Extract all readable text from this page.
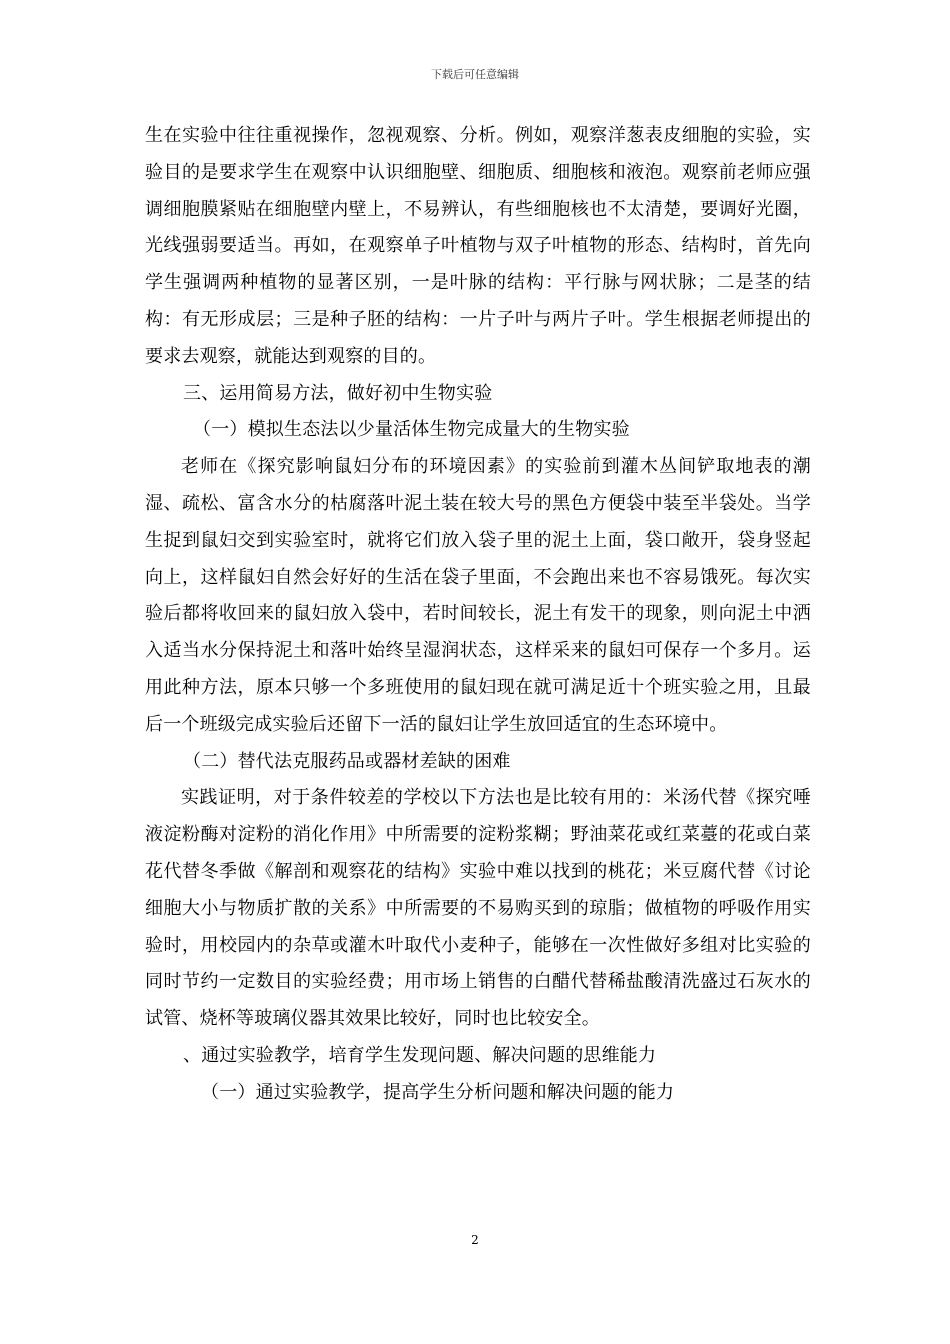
下载后可任意编辑

生在实验中往往重视操作，忽视观察、分析。例如，观察洋葱表皮细胞的实验，实验目的是要求学生在观察中认识细胞壁、细胞质、细胞核和液泡。观察前老师应强调细胞膜紧贴在细胞壁内壁上，不易辨认，有些细胞核也不太清楚，要调好光圈，光线强弱要适当。再如，在观察单子叶植物与双子叶植物的形态、结构时，首先向学生强调两种植物的显著区别，一是叶脉的结构：平行脉与网状脉；二是茎的结构：有无形成层；三是种子胚的结构：一片子叶与两片子叶。学生根据老师提出的要求去观察，就能达到观察的目的。

三、运用简易方法，做好初中生物实验

（一）模拟生态法以少量活体生物完成量大的生物实验

老师在《探究影响鼠妇分布的环境因素》的实验前到灌木丛间铲取地表的潮湿、疏松、富含水分的枯腐落叶泥土装在较大号的黑色方便袋中装至半袋处。当学生捉到鼠妇交到实验室时，就将它们放入袋子里的泥土上面，袋口敞开，袋身竖起向上，这样鼠妇自然会好好的生活在袋子里面，不会跑出来也不容易饿死。每次实验后都将收回来的鼠妇放入袋中，若时间较长，泥土有发干的现象，则向泥土中洒入适当水分保持泥土和落叶始终呈湿润状态，这样采来的鼠妇可保存一个多月。运用此种方法，原本只够一个多班使用的鼠妇现在就可满足近十个班实验之用，且最后一个班级完成实验后还留下一活的鼠妇让学生放回适宜的生态环境中。

（二）替代法克服药品或器材差缺的困难

实践证明，对于条件较差的学校以下方法也是比较有用的：米汤代替《探究唾液淀粉酶对淀粉的消化作用》中所需要的淀粉浆糊；野油菜花或红菜薹的花或白菜花代替冬季做《解剖和观察花的结构》实验中难以找到的桃花；米豆腐代替《讨论细胞大小与物质扩散的关系》中所需要的不易购买到的琼脂；做植物的呼吸作用实验时，用校园内的杂草或灌木叶取代小麦种子，能够在一次性做好多组对比实验的同时节约一定数目的实验经费；用市场上销售的白醋代替稀盐酸清洗盛过石灰水的试管、烧杯等玻璃仪器其效果比较好，同时也比较安全。

、通过实验教学，培育学生发现问题、解决问题的思维能力

（一）通过实验教学，提高学生分析问题和解决问题的能力

2
